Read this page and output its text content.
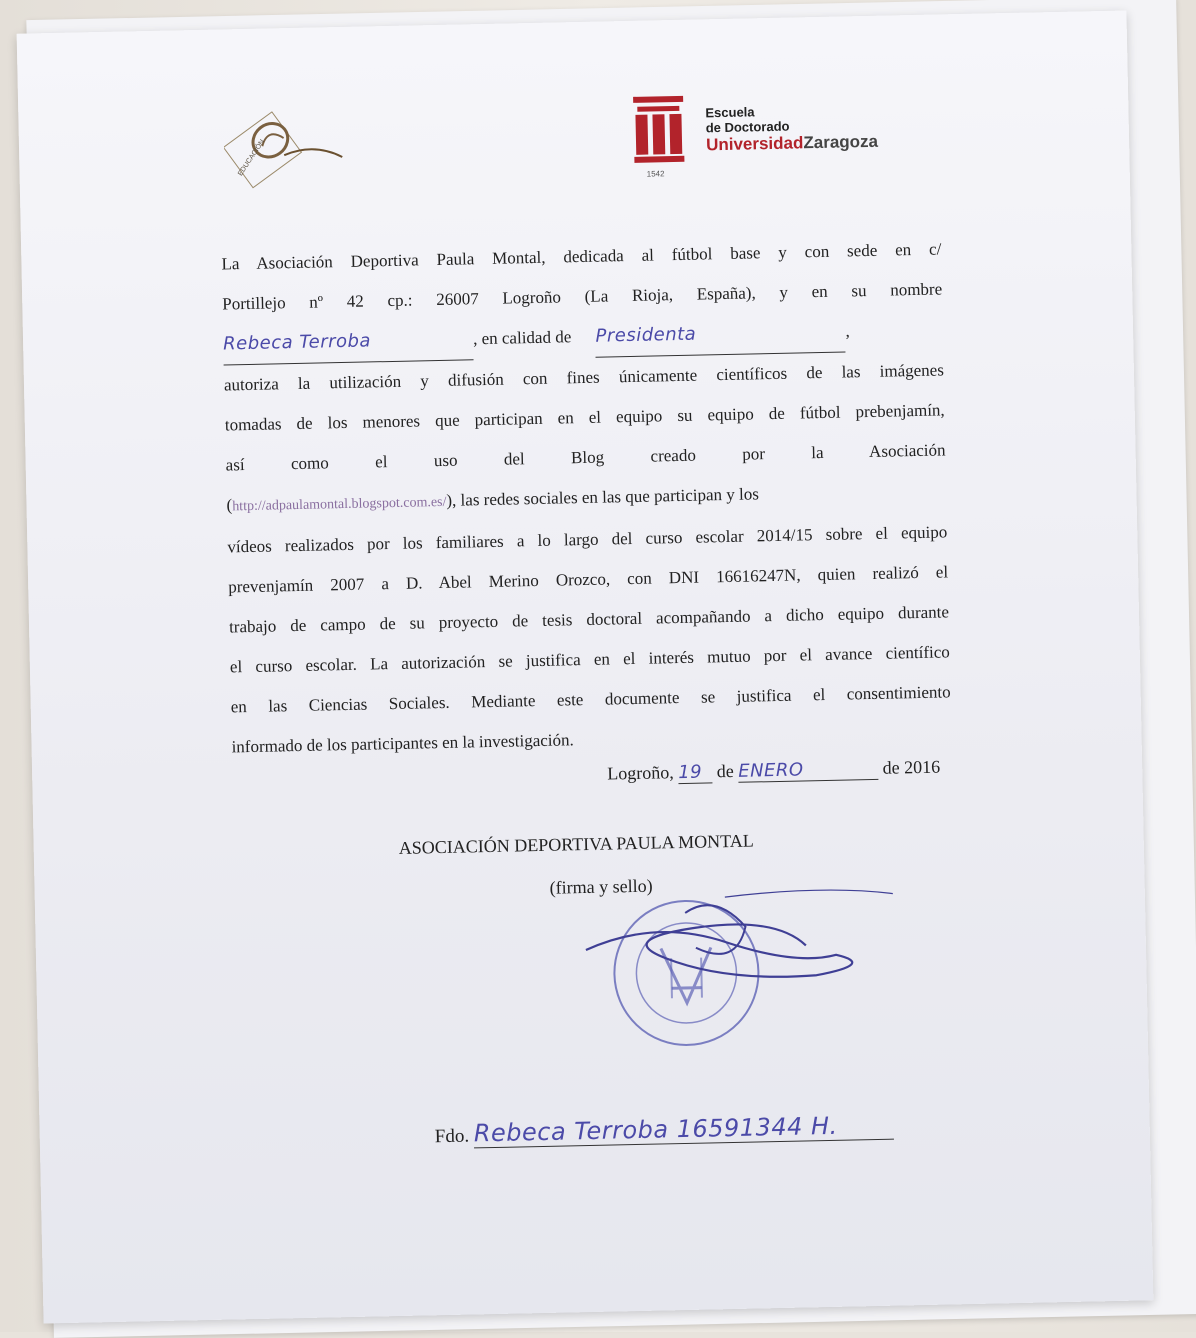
EDUCACIÓN	1542
Escuela
de Doctorado
UniversidadZaragoza
La Asociación Deportiva Paula Montal, dedicada al fútbol base y con sede en c/
Portillejo nº 42 cp.: 26007 Logroño (La Rioja, España), y en su nombre
Rebeca Terroba	, en calidad de Presidenta	,
autoriza la utilización y difusión con fines únicamente científicos de las imágenes
tomadas de los menores que participan en el equipo su equipo de fútbol prebenjamín,
así como el uso del Blog creado por la Asociación
(http://adpaulamontal.blogspot.com.es/), las redes sociales en las que participan y los
vídeos realizados por los familiares a lo largo del curso escolar 2014/15 sobre el equipo
prevenjamín 2007 a D. Abel Merino Orozco, con DNI 16616247N, quien realizó el
trabajo de campo de su proyecto de tesis doctoral acompañando a dicho equipo durante
el curso escolar. La autorización se justifica en el interés mutuo por el avance científico
en las Ciencias Sociales. Mediante este documente se justifica el consentimiento
informado de los participantes en la investigación.
Logroño, 19 de ENERO	de 2016
ASOCIACIÓN DEPORTIVA PAULA MONTAL
(firma y sello)
Fdo. Rebeca Terroba 16591344 H.
